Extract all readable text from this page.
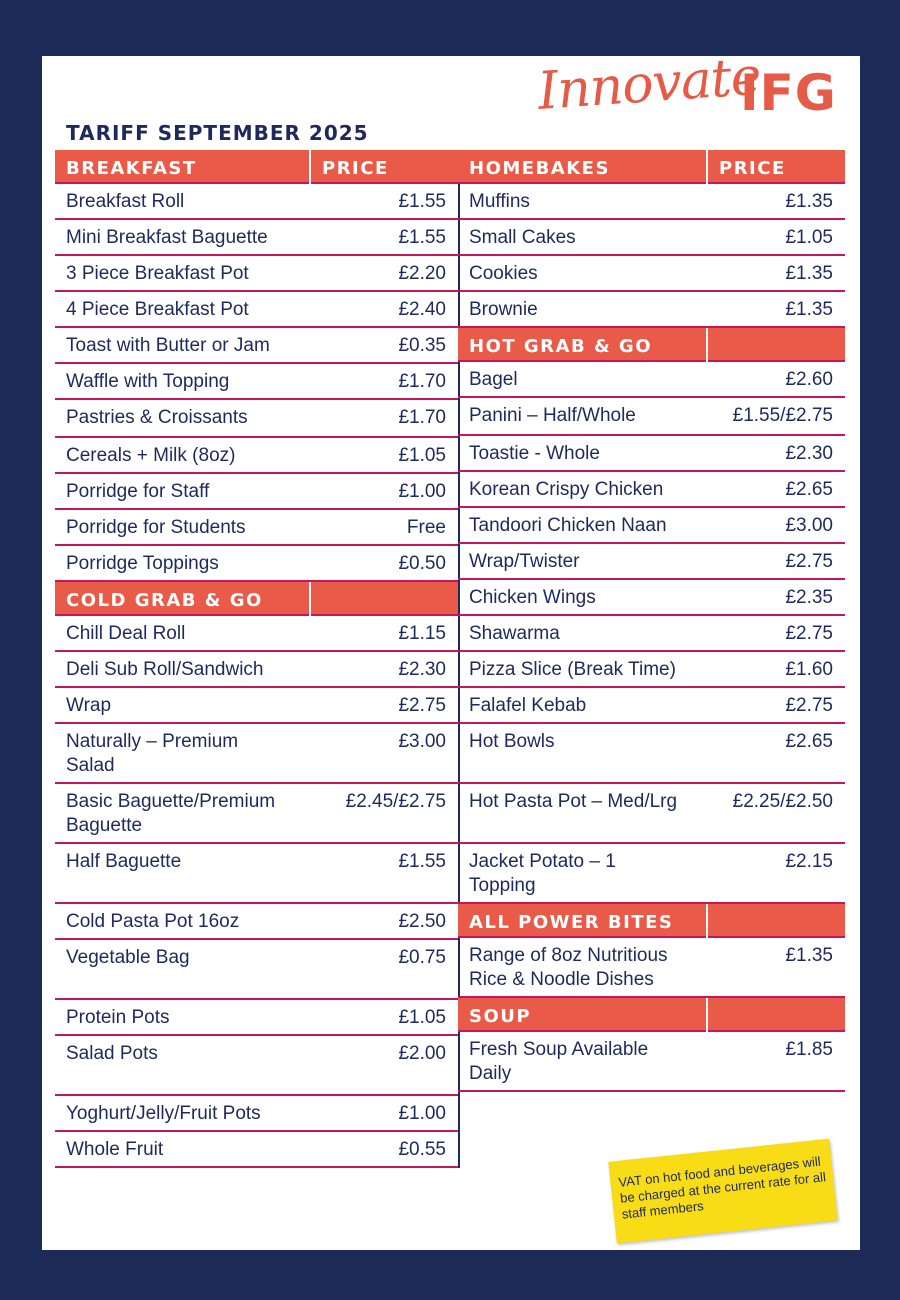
Innovate
IFG
TARIFF SEPTEMBER 2025
BREAKFAST	PRICE
Breakfast Roll	£1.55
Mini Breakfast Baguette	£1.55
3 Piece Breakfast Pot	£2.20
4 Piece Breakfast Pot	£2.40
Toast with Butter or Jam	£0.35
Waffle with Topping	£1.70
Pastries & Croissants	£1.70
Cereals + Milk (8oz)	£1.05
Porridge for Staff	£1.00
Porridge for Students	Free
Porridge Toppings	£0.50
COLD GRAB & GO
Chill Deal Roll	£1.15
Deli Sub Roll/Sandwich	£2.30
Wrap	£2.75
Naturally – Premium Salad
£3.00
Basic Baguette/Premium Baguette
£2.45/£2.75
Half Baguette	£1.55
Cold Pasta Pot 16oz	£2.50
Vegetable Bag	£0.75
Protein Pots	£1.05
Salad Pots	£2.00
Yoghurt/Jelly/Fruit Pots	£1.00
Whole Fruit	£0.55
HOMEBAKES	PRICE
Muffins	£1.35
Small Cakes	£1.05
Cookies	£1.35
Brownie	£1.35
HOT GRAB & GO
Bagel	£2.60
Panini – Half/Whole	£1.55/£2.75
Toastie - Whole	£2.30
Korean Crispy Chicken	£2.65
Tandoori Chicken Naan	£3.00
Wrap/Twister	£2.75
Chicken Wings	£2.35
Shawarma	£2.75
Pizza Slice (Break Time)	£1.60
Falafel Kebab	£2.75
Hot Bowls	£2.65
Hot Pasta Pot – Med/Lrg	£2.25/£2.50
Jacket Potato – 1 Topping
£2.15
ALL POWER BITES
Range of 8oz Nutritious Rice & Noodle Dishes
£1.35
SOUP
Fresh Soup Available Daily
£1.85
VAT on hot food and beverages will be charged at the current rate for all staff members
